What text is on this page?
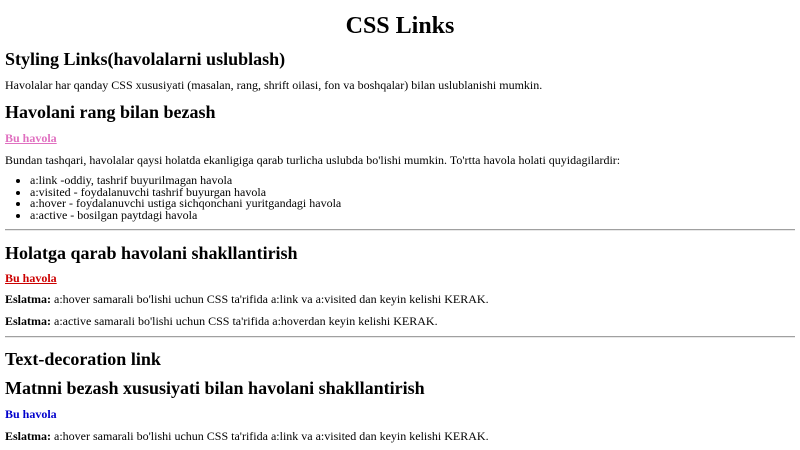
CSS Links
Styling Links(havolalarni uslublash)

Havolalar har qanday CSS xususiyati (masalan, rang, shrift oilasi, fon va boshqalar) bilan uslublanishi mumkin.

Havolani rang bilan bezash

Bu havola

Bundan tashqari, havolalar qaysi holatda ekanligiga qarab turlicha uslubda bo'lishi mumkin. To'rtta havola holati quyidagilardir:

• a:link -oddiy, tashrif buyurilmagan havola
• a:visited - foydalanuvchi tashrif buyurgan havola
• a:hover - foydalanuvchi ustiga sichqonchani yuritgandagi havola
• a:active - bosilgan paytdagi havola
Holatga qarab havolani shakllantirish

Bu havola

Eslatma: a:hover samarali bo'lishi uchun CSS ta'rifida a:link va a:visited dan keyin kelishi KERAK.

Eslatma: a:active samarali bo'lishi uchun CSS ta'rifida a:hoverdan keyin kelishi KERAK.

Text-decoration link
Matnni bezash xususiyati bilan havolani shakllantirish

Bu havola

Eslatma: a:hover samarali bo'lishi uchun CSS ta'rifida a:link va a:visited dan keyin kelishi KERAK.
